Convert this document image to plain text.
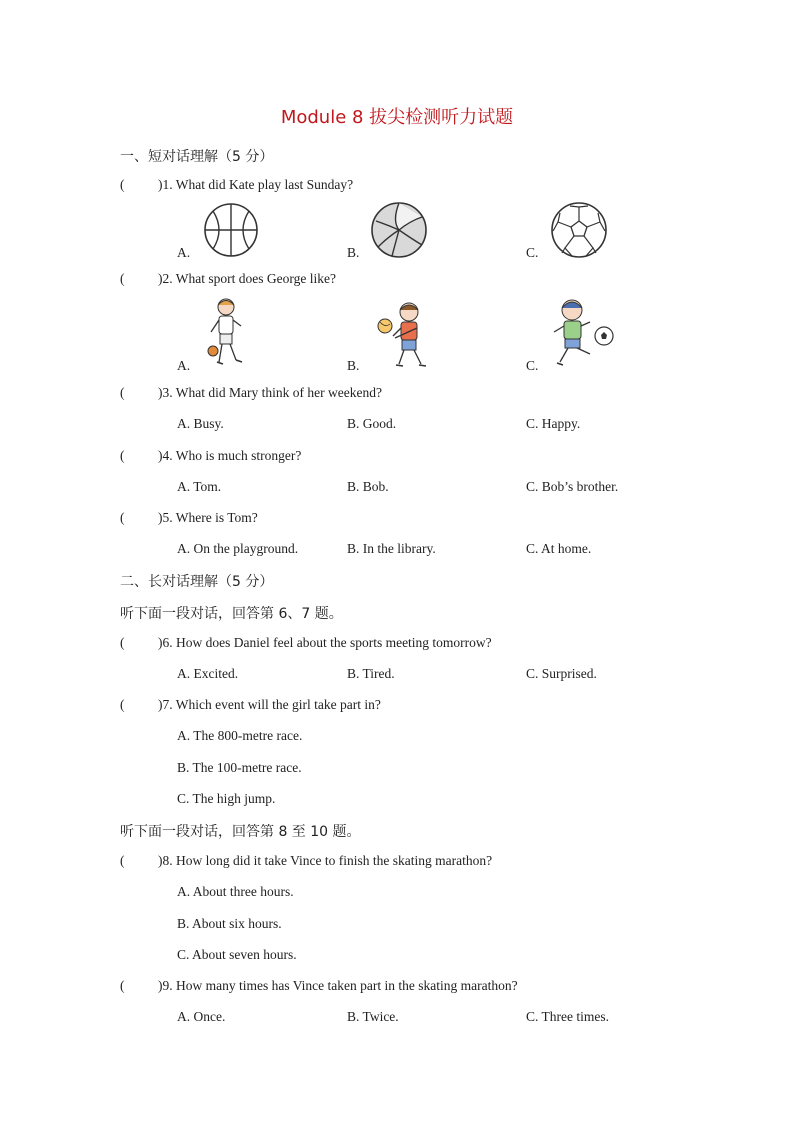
Module 8 拔尖检测听力试题
一、短对话理解（5 分）
( )1. What did Kate play last Sunday?
A.	B.	C.
( )2. What sport does George like?
A.	B.	C.
( )3. What did Mary think of her weekend?
A. Busy.	B. Good.	C. Happy.
( )4. Who is much stronger?
A. Tom.	B. Bob.	C. Bob’s brother.
( )5. Where is Tom?
A. On the playground.	B. In the library.	C. At home.
二、长对话理解（5 分）
听下面一段对话，回答第 6、7 题。
( )6. How does Daniel feel about the sports meeting tomorrow?
A. Excited.	B. Tired.	C. Surprised.
( )7. Which event will the girl take part in?
A. The 800-metre race.
B. The 100-metre race.
C. The high jump.
听下面一段对话，回答第 8 至 10 题。
( )8. How long did it take Vince to finish the skating marathon?
A. About three hours.
B. About six hours.
C. About seven hours.
( )9. How many times has Vince taken part in the skating marathon?
A. Once.	B. Twice.	C. Three times.
